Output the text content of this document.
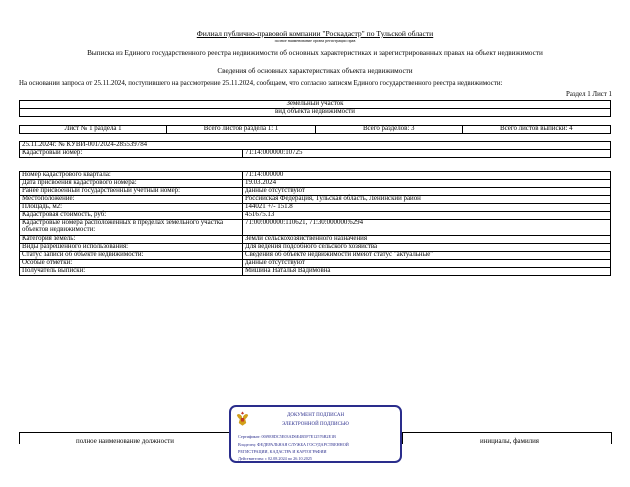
Филиал публично-правовой компании "Роскадастр" по Тульской области
полное наименование органа регистрации прав
Выписка из Единого государственного реестра недвижимости об основных характеристиках и зарегистрированных правах на объект недвижимости
Сведения об основных характеристиках объекта недвижимости
На основании запроса от 25.11.2024, поступившего на рассмотрение 25.11.2024, сообщаем, что согласно записям Единого государственного реестра недвижимости:
Раздел 1 Лист 1
Земельный участок
вид объекта недвижимости
Лист № 1 раздела 1	Всего листов раздела 1: 1	Всего разделов: 3	Всего листов выписки: 4
25.11.2024г. № КУВИ-001/2024-285539784
Кадастровый номер:	71:14:000000:10725
Номер кадастрового квартала:	71:14:000000
Дата присвоения кадастрового номера:	19.03.2024
Ранее присвоенный государственный учетный номер:	данные отсутствуют
Местоположение:	Российская Федерация, Тульская область, Ленинский район
Площадь, м2:	144021 +/- 151.8
Кадастровая стоимость, руб:	451675.13
Кадастровые номера расположенных в пределах земельного участка объектов недвижимости:	71:00:000000:110621, 71:30:000000:6294
Категория земель:	Земли сельскохозяйственного назначения
Виды разрешенного использования:	Для ведения подсобного сельского хозяйства
Статус записи об объекте недвижимости:	Сведения об объекте недвижимости имеют статус "актуальные"
Особые отметки:	данные отсутствуют
Получатель выписки:	Мишина Наталья Вадимовна
полное наименование должности	инициалы, фамилия
ДОКУМЕНТ ПОДПИСАН
ЭЛЕКТРОННОЙ ПОДПИСЬЮ
Сертификат: 00f9E8DC5E03AD6E4B5F7E12576B2E1B
Владелец: ФЕДЕРАЛЬНАЯ СЛУЖБА ГОСУДАРСТВЕННОЙ
РЕГИСТРАЦИИ, КАДАСТРА И КАРТОГРАФИИ
Действителен: с 02.08.2024 по 26.10.2025
